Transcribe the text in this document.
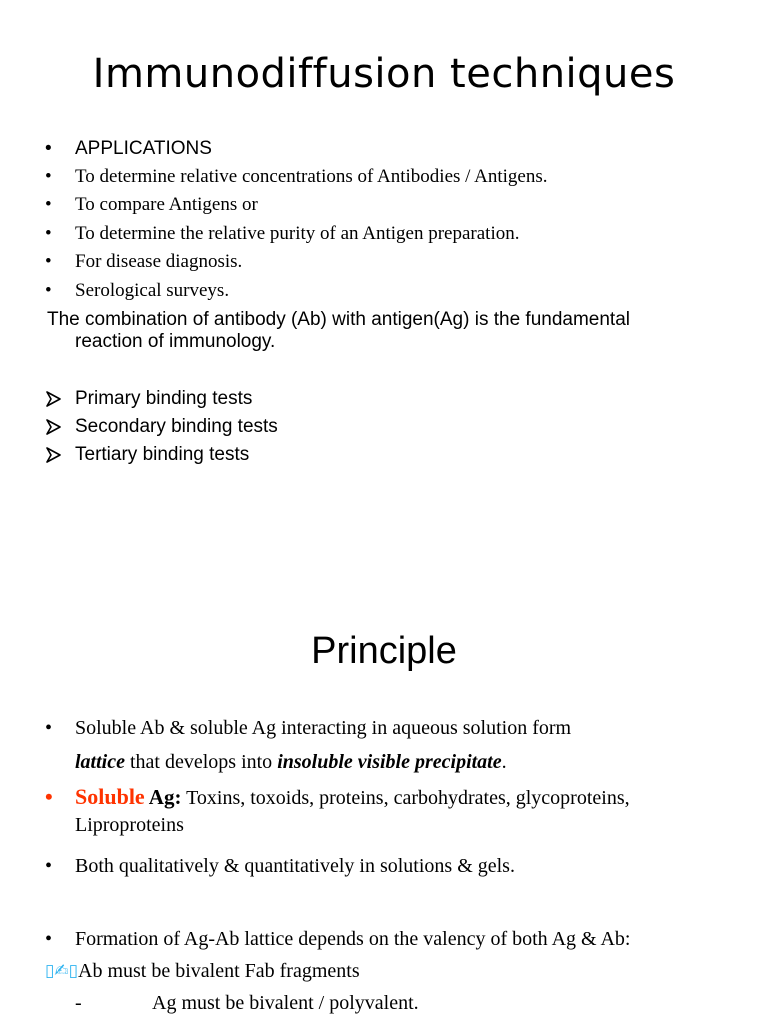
Immunodiffusion techniques
• APPLICATIONS
• To determine relative concentrations of Antibodies / Antigens.
• To compare Antigens or
• To determine the relative purity of an Antigen preparation.
• For disease diagnosis.
• Serological surveys.
The combination of antibody (Ab) with antigen(Ag) is the fundamental
reaction of immunology.
Primary binding tests
Secondary binding tests
Tertiary binding tests
Principle
• Soluble Ab & soluble Ag interacting in aqueous solution form
lattice that develops into insoluble visible precipitate.
• Soluble Ag: Toxins, toxoids, proteins, carbohydrates, glycoproteins,
Liproproteins
• Both qualitatively & quantitatively in solutions & gels.
• Formation of Ag-Ab lattice depends on the valency of both Ag & Ab:
▯✍▯ Ab must be bivalent Fab fragments
-	Ag must be bivalent / polyvalent.
